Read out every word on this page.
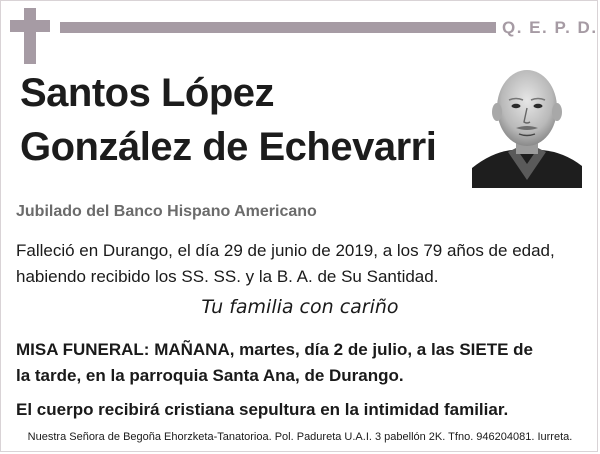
Q. E. P. D.
Santos López
González de Echevarri
Jubilado del Banco Hispano Americano

Falleció en Durango, el día 29 de junio de 2019, a los 79 años de edad,
habiendo recibido los SS. SS. y la B. A. de Su Santidad.

Tu familia con cariño

MISA FUNERAL: MAÑANA, martes, día 2 de julio, a las SIETE de
la tarde, en la parroquia Santa Ana, de Durango.

El cuerpo recibirá cristiana sepultura en la intimidad familiar.
Nuestra Señora de Begoña Ehorzketa-Tanatorioa. Pol. Padureta U.A.I. 3 pabellón 2K. Tfno. 946204081. Iurreta.
